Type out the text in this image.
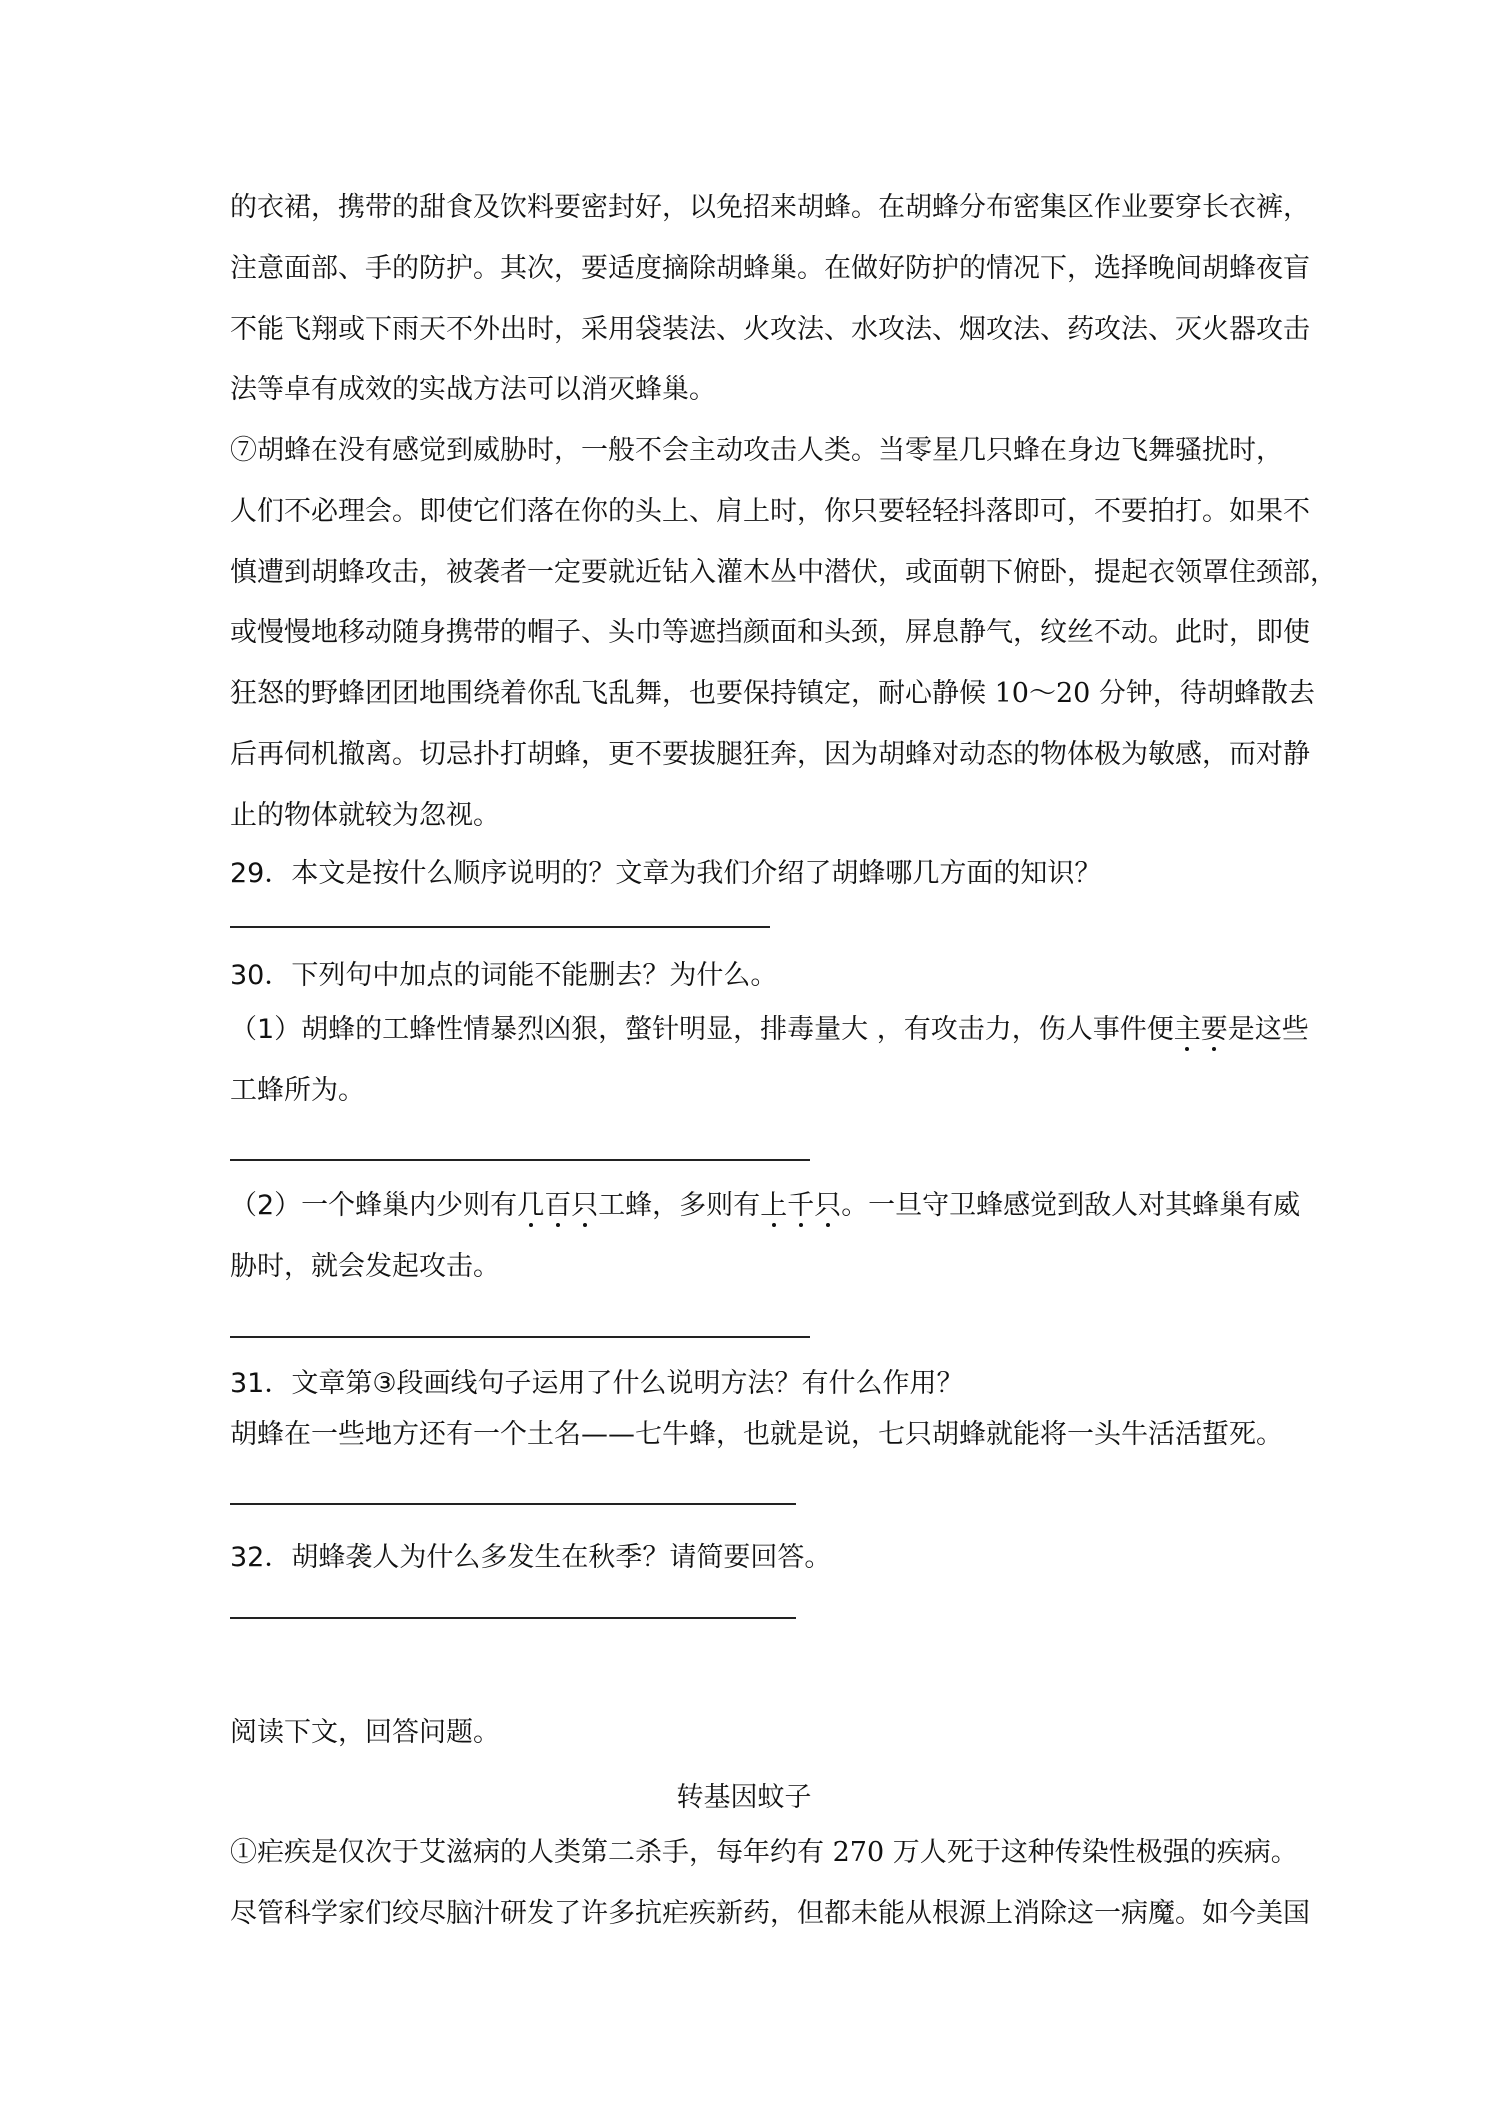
的衣裙，携带的甜食及饮料要密封好，以免招来胡蜂。在胡蜂分布密集区作业要穿长衣裤，
注意面部、手的防护。其次，要适度摘除胡蜂巢。在做好防护的情况下，选择晚间胡蜂夜盲
不能飞翔或下雨天不外出时，采用袋装法、火攻法、水攻法、烟攻法、药攻法、灭火器攻击
法等卓有成效的实战方法可以消灭蜂巢。
⑦胡蜂在没有感觉到威胁时，一般不会主动攻击人类。当零星几只蜂在身边飞舞骚扰时，
人们不必理会。即使它们落在你的头上、肩上时，你只要轻轻抖落即可，不要拍打。如果不
慎遭到胡蜂攻击，被袭者一定要就近钻入灌木丛中潜伏，或面朝下俯卧，提起衣领罩住颈部，
或慢慢地移动随身携带的帽子、头巾等遮挡颜面和头颈，屏息静气，纹丝不动。此时，即使
狂怒的野蜂团团地围绕着你乱飞乱舞，也要保持镇定，耐心静候 10～20 分钟，待胡蜂散去
后再伺机撤离。切忌扑打胡蜂，更不要拔腿狂奔，因为胡蜂对动态的物体极为敏感，而对静
止的物体就较为忽视。
29．本文是按什么顺序说明的？文章为我们介绍了胡蜂哪几方面的知识？
30．下列句中加点的词能不能删去？为什么。
（1）胡蜂的工蜂性情暴烈凶狠，螫针明显，排毒量大 ，有攻击力，伤人事件便主要是这些
工蜂所为。
（2）一个蜂巢内少则有几百只工蜂，多则有上千只。一旦守卫蜂感觉到敌人对其蜂巢有威
胁时，就会发起攻击。
31．文章第③段画线句子运用了什么说明方法？有什么作用？
胡蜂在一些地方还有一个土名——七牛蜂，也就是说，七只胡蜂就能将一头牛活活蜇死。
32．胡蜂袭人为什么多发生在秋季？请简要回答。
阅读下文，回答问题。
转基因蚊子
①疟疾是仅次于艾滋病的人类第二杀手，每年约有 270 万人死于这种传染性极强的疾病。
尽管科学家们绞尽脑汁研发了许多抗疟疾新药，但都未能从根源上消除这一病魔。如今美国
